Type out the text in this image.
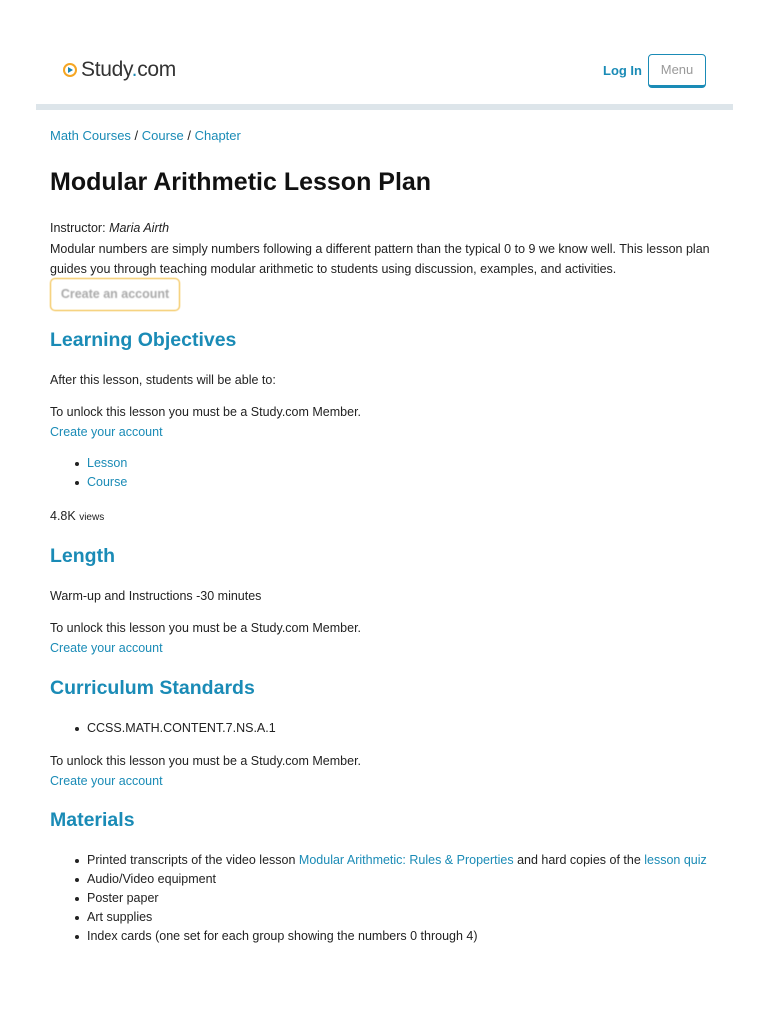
Study.com	Log In	Menu
Math Courses / Course / Chapter
Modular Arithmetic Lesson Plan
Instructor: Maria Airth
Modular numbers are simply numbers following a different pattern than the typical 0 to 9 we know well. This lesson plan guides you through teaching modular arithmetic to students using discussion, examples, and activities.
Create an account
Learning Objectives
After this lesson, students will be able to:
To unlock this lesson you must be a Study.com Member.
Create your account
Lesson
Course
4.8K views
Length
Warm-up and Instructions -30 minutes
To unlock this lesson you must be a Study.com Member.
Create your account
Curriculum Standards
CCSS.MATH.CONTENT.7.NS.A.1
To unlock this lesson you must be a Study.com Member.
Create your account
Materials
Printed transcripts of the video lesson Modular Arithmetic: Rules & Properties and hard copies of the lesson quiz
Audio/Video equipment
Poster paper
Art supplies
Index cards (one set for each group showing the numbers 0 through 4)
